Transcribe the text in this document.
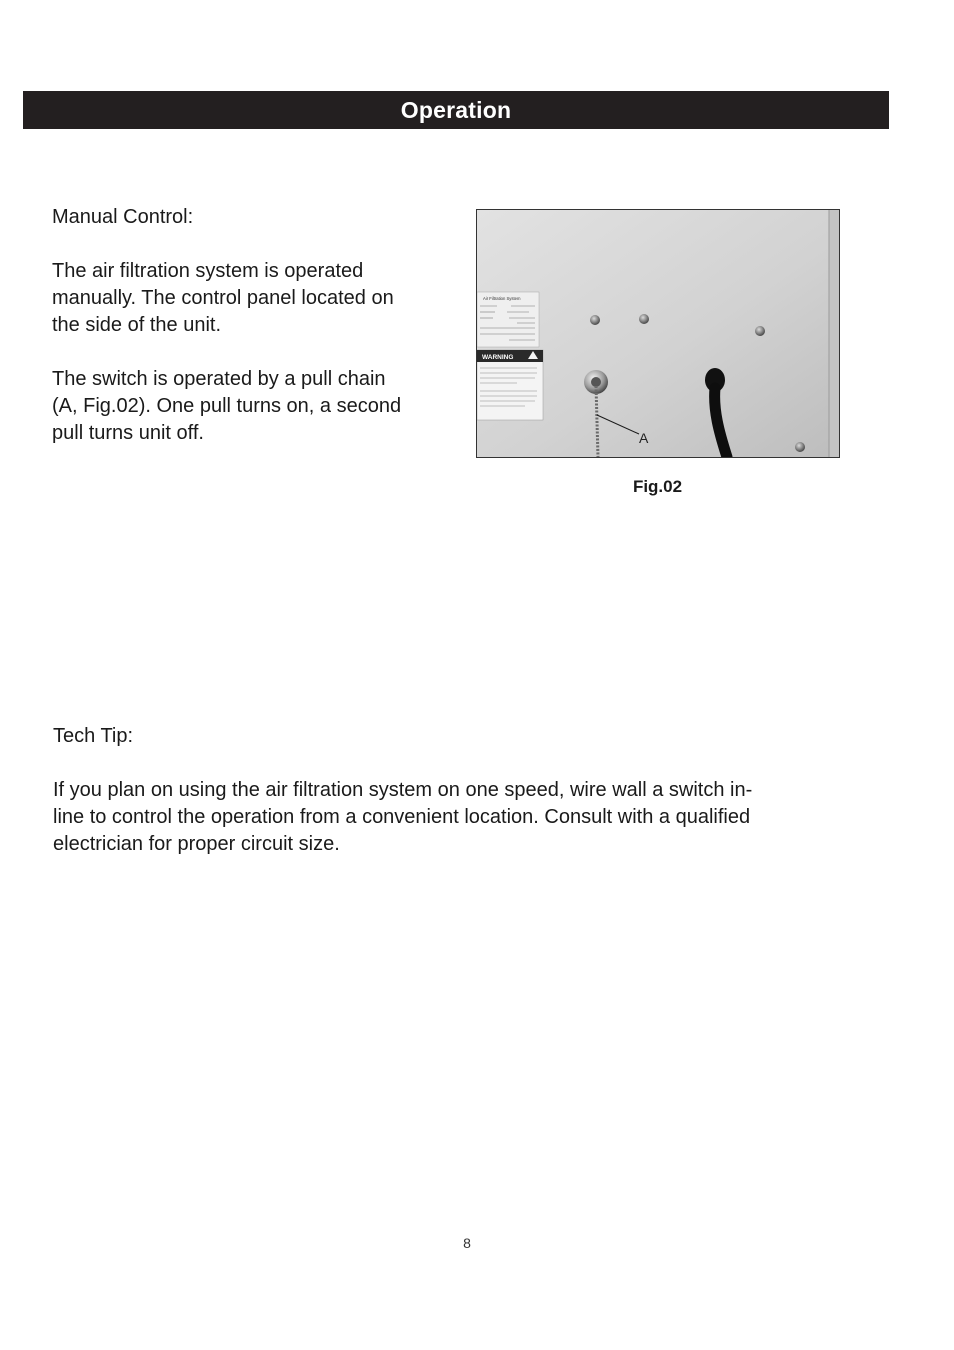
Operation

Manual Control:

The air filtration system is operated

manually. The control panel located on

the side of the unit.

The switch is operated by a pull chain

(A, Fig.02). One pull turns on, a second

pull turns unit off.

Air Filtration System
WARNING
A
Fig.02

Tech Tip:

If you plan on using the air filtration system on one speed, wire wall a switch in-

line to control the operation from a convenient location. Consult with a qualified

electrician for proper circuit size.

8
